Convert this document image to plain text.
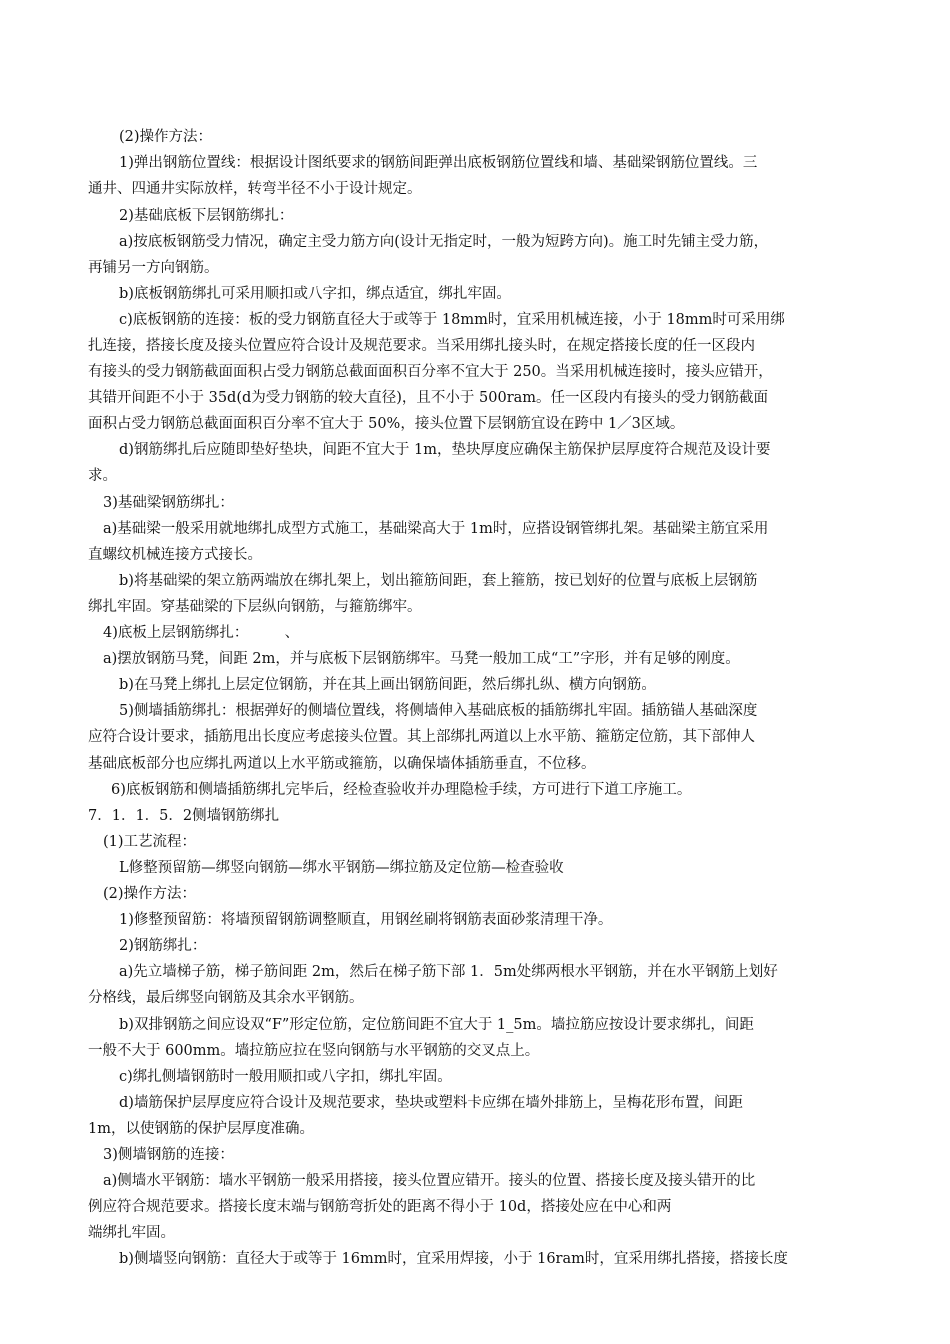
(2)操作方法：
1)弹出钢筋位置线：根据设计图纸要求的钢筋间距弹出底板钢筋位置线和墙、基础梁钢筋位置线。三
通井、四通井实际放样，转弯半径不小于设计规定。
2)基础底板下层钢筋绑扎：
a)按底板钢筋受力情况，确定主受力筋方向(设计无指定时，一般为短跨方向)。施工时先铺主受力筋，
再铺另一方向钢筋。
b)底板钢筋绑扎可采用顺扣或八字扣，绑点适宜，绑扎牢固。
c)底板钢筋的连接：板的受力钢筋直径大于或等于 18mm时，宜采用机械连接，小于 18mm时可采用绑
扎连接，搭接长度及接头位置应符合设计及规范要求。当采用绑扎接头时，在规定搭接长度的任一区段内
有接头的受力钢筋截面面积占受力钢筋总截面面积百分率不宜大于 250。当采用机械连接时，接头应错开，
其错开间距不小于 35d(d为受力钢筋的较大直径)，且不小于 500ram。任一区段内有接头的受力钢筋截面
面积占受力钢筋总截面面积百分率不宜大于 50%，接头位置下层钢筋宜设在跨中 1／3区域。
d)钢筋绑扎后应随即垫好垫块，间距不宜大于 1m，垫块厚度应确保主筋保护层厚度符合规范及设计要
求。
3)基础梁钢筋绑扎：
a)基础梁一般采用就地绑扎成型方式施工，基础梁高大于 1m时，应搭设钢管绑扎架。基础梁主筋宜采用
直螺纹机械连接方式接长。
b)将基础梁的架立筋两端放在绑扎架上，划出箍筋间距，套上箍筋，按已划好的位置与底板上层钢筋
绑扎牢固。穿基础梁的下层纵向钢筋，与箍筋绑牢。
4)底板上层钢筋绑扎：　　　、
a)摆放钢筋马凳，间距 2m，并与底板下层钢筋绑牢。马凳一般加工成“工”字形，并有足够的刚度。
b)在马凳上绑扎上层定位钢筋，并在其上画出钢筋间距，然后绑扎纵、横方向钢筋。
5)侧墙插筋绑扎：根据弹好的侧墙位置线，将侧墙伸入基础底板的插筋绑扎牢固。插筋锚人基础深度
应符合设计要求，插筋甩出长度应考虑接头位置。其上部绑扎两道以上水平筋、箍筋定位筋，其下部伸人
基础底板部分也应绑扎两道以上水平筋或箍筋，以确保墙体插筋垂直，不位移。
6)底板钢筋和侧墙插筋绑扎完毕后，经检查验收并办理隐检手续，方可进行下道工序施工。
7．1．1．5．2侧墙钢筋绑扎
(1)工艺流程：
L修整预留筋—绑竖向钢筋—绑水平钢筋—绑拉筋及定位筋—检查验收
(2)操作方法：
1)修整预留筋：将墙预留钢筋调整顺直，用钢丝刷将钢筋表面砂浆清理干净。
2)钢筋绑扎：
a)先立墙梯子筋，梯子筋间距 2m，然后在梯子筋下部 1．5m处绑两根水平钢筋，并在水平钢筋上划好
分格线，最后绑竖向钢筋及其余水平钢筋。
b)双排钢筋之间应设双“F”形定位筋，定位筋间距不宜大于 1_5m。墙拉筋应按设计要求绑扎，间距
一般不大于 600mm。墙拉筋应拉在竖向钢筋与水平钢筋的交叉点上。
c)绑扎侧墙钢筋时一般用顺扣或八字扣，绑扎牢固。
d)墙筋保护层厚度应符合设计及规范要求，垫块或塑料卡应绑在墙外排筋上，呈梅花形布置，间距
1m，以使钢筋的保护层厚度准确。
3)侧墙钢筋的连接：
a)侧墙水平钢筋：墙水平钢筋一般采用搭接，接头位置应错开。接头的位置、搭接长度及接头错开的比
例应符合规范要求。搭接长度末端与钢筋弯折处的距离不得小于 10d，搭接处应在中心和两
端绑扎牢固。
b)侧墙竖向钢筋：直径大于或等于 16mm时，宜采用焊接，小于 16ram时，宜采用绑扎搭接，搭接长度
